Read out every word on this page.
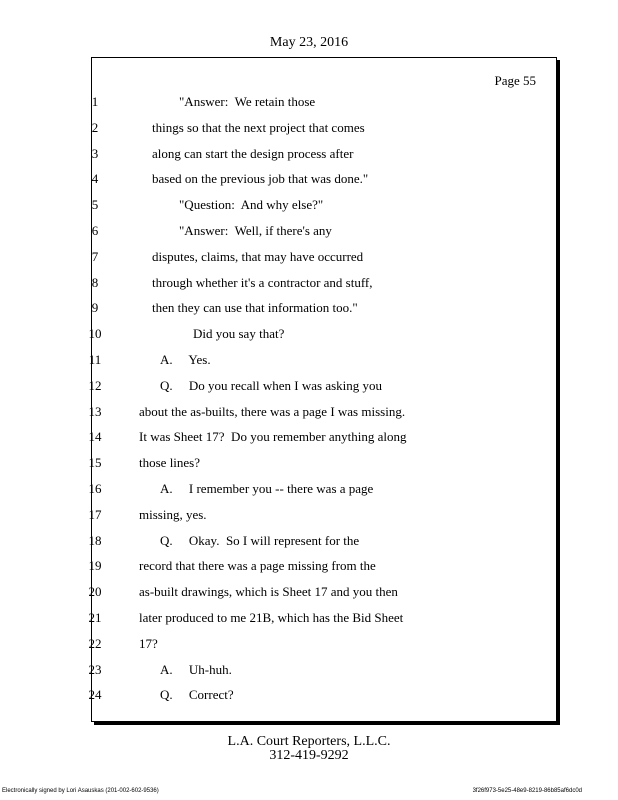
May 23, 2016
Page 55
1	"Answer:  We retain those
2	things so that the next project that comes
3	along can start the design process after
4	based on the previous job that was done."
5	"Question:  And why else?"
6	"Answer:  Well, if there's any
7	disputes, claims, that may have occurred
8	through whether it's a contractor and stuff,
9	then they can use that information too."
10	Did you say that?
11	A.     Yes.
12	Q.     Do you recall when I was asking you
13	about the as-builts, there was a page I was missing.
14	It was Sheet 17?  Do you remember anything along
15	those lines?
16	A.     I remember you -- there was a page
17	missing, yes.
18	Q.     Okay.  So I will represent for the
19	record that there was a page missing from the
20	as-built drawings, which is Sheet 17 and you then
21	later produced to me 21B, which has the Bid Sheet
22	17?
23	A.     Uh-huh.
24	Q.     Correct?
L.A. Court Reporters, L.L.C.
312-419-9292
Electronically signed by Lori Asauskas (201-002-602-9536)	3f26f973-5e25-48e9-8219-86b85af6dc0d
